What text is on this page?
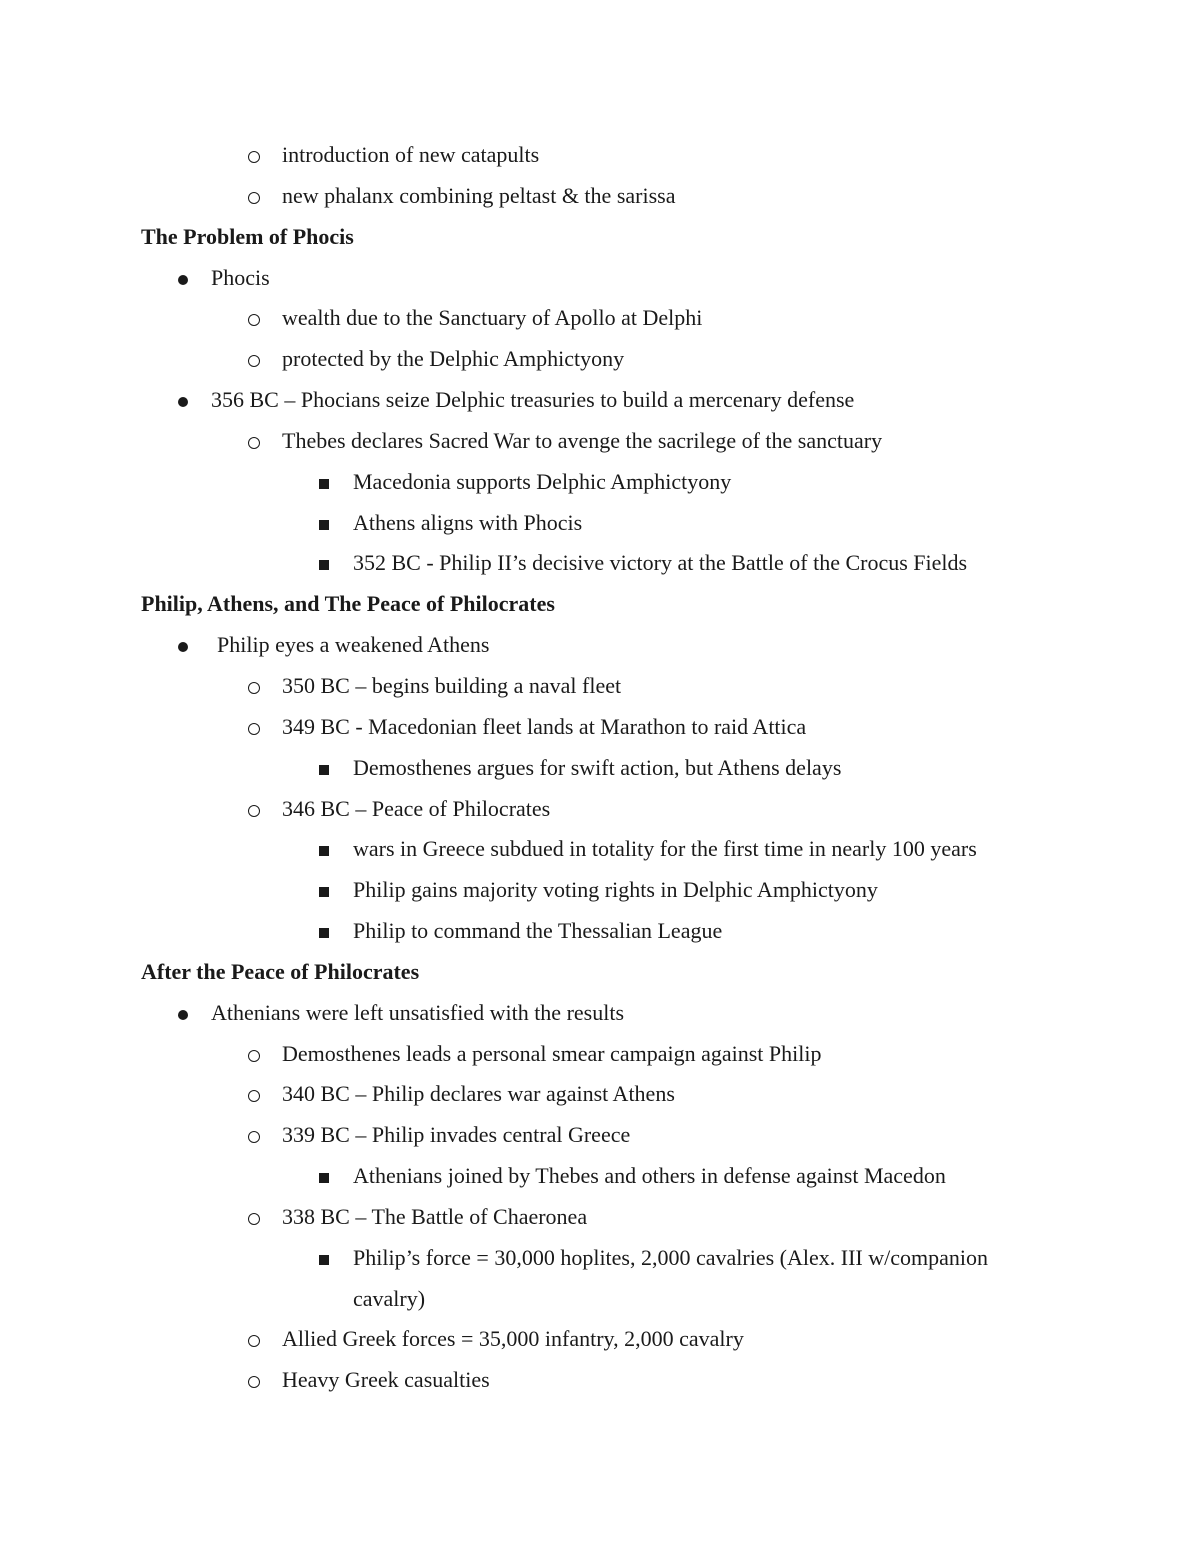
introduction of new catapults
new phalanx combining peltast & the sarissa
The Problem of Phocis
Phocis
wealth due to the Sanctuary of Apollo at Delphi
protected by the Delphic Amphictyony
356 BC – Phocians seize Delphic treasuries to build a mercenary defense
Thebes declares Sacred War to avenge the sacrilege of the sanctuary
Macedonia supports Delphic Amphictyony
Athens aligns with Phocis
352 BC - Philip II’s decisive victory at the Battle of the Crocus Fields
Philip, Athens, and The Peace of Philocrates
Philip eyes a weakened Athens
350 BC – begins building a naval fleet
349 BC - Macedonian fleet lands at Marathon to raid Attica
Demosthenes argues for swift action, but Athens delays
346 BC – Peace of Philocrates
wars in Greece subdued in totality for the first time in nearly 100 years
Philip gains majority voting rights in Delphic Amphictyony
Philip to command the Thessalian League
After the Peace of Philocrates
Athenians were left unsatisfied with the results
Demosthenes leads a personal smear campaign against Philip
340 BC – Philip declares war against Athens
339 BC – Philip invades central Greece
Athenians joined by Thebes and others in defense against Macedon
338 BC – The Battle of Chaeronea
Philip’s force = 30,000 hoplites, 2,000 cavalries (Alex. III w/companion
cavalry)
Allied Greek forces = 35,000 infantry, 2,000 cavalry
Heavy Greek casualties
